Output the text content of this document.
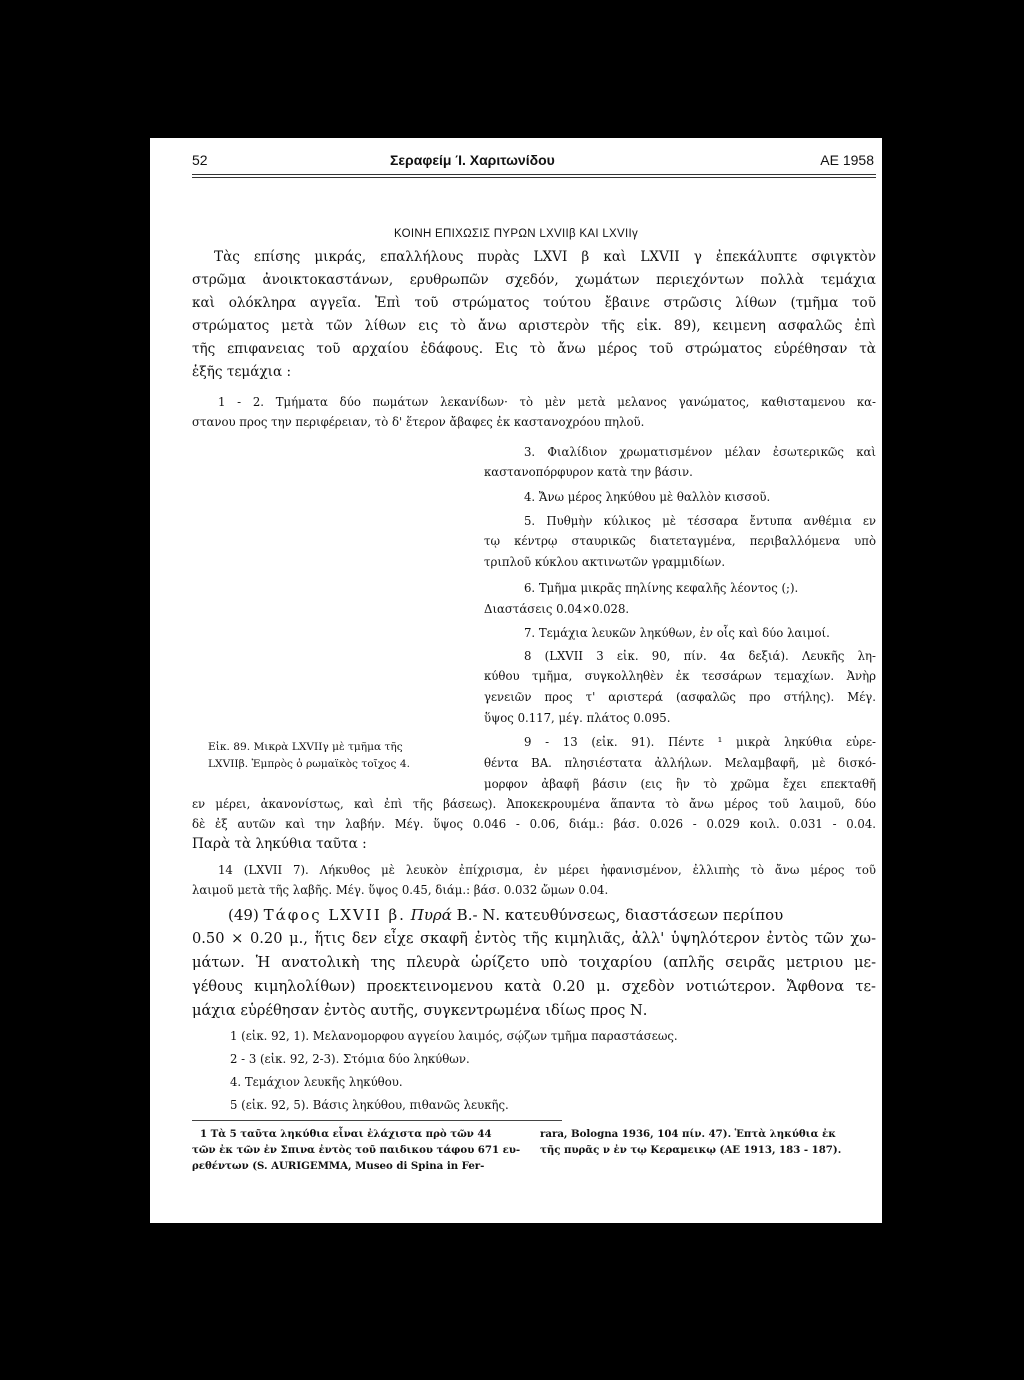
52	Σεραφείμ Ί. Χαριτωνίδου	ΑΕ 1958
ΚΟΙΝΗ ΕΠΙΧΩΣΙΣ ΠΥΡΩΝ LXVIIβ ΚΑΙ LXVIIγ
Τὰς επίσης μικράς, επαλλήλους πυρὰς LXVI β καὶ LXVII γ ἐπεκάλυπτε σφιγκτὸν
στρῶμα ἀνοικτοκαστάνων, ερυθρωπῶν σχεδόν, χωμάτων περιεχόντων πολλὰ τεμάχια
καὶ ολόκληρα αγγεῖα. Ἐπὶ τοῦ στρώματος τούτου ἔβαινε στρῶσις λίθων (τμῆμα τοῦ
στρώματος μετὰ τῶν λίθων εις τὸ ἄνω αριστερὸν τῆς εἰκ. 89), κειμενη ασφαλῶς ἐπὶ
τῆς επιφανειας τοῦ αρχαίου ἐδάφους. Εις τὸ ἄνω μέρος τοῦ στρώματος εὑρέθησαν τὰ
ἑξῆς τεμάχια :
1 - 2. Τμήματα δύο πωμάτων λεκανίδων· τὸ μὲν μετὰ μελανος γανώματος, καθισταμενου κα-
στανου προς την περιφέρειαν, τὸ δ' ἕτερον ἄβαφες ἐκ καστανοχρόου πηλοῦ.
3. Φιαλίδιον χρωματισμένον μέλαν ἐσωτερικῶς καὶ
καστανοπόρφυρον κατὰ την βάσιν.
4. Ἄνω μέρος ληκύθου μὲ θαλλὸν κισσοῦ.
5. Πυθμὴν κύλικος μὲ τέσσαρα ἔντυπα ανθέμια εν
τῳ κέντρῳ σταυρικῶς διατεταγμένα, περιβαλλόμενα υπὸ
τριπλοῦ κύκλου ακτινωτῶν γραμμιδίων.
6. Τμῆμα μικρᾶς πηλίνης κεφαλῆς λέοντος (;).
Διαστάσεις 0.04×0.028.
7. Τεμάχια λευκῶν ληκύθων, ἐν οἷς καὶ δύο λαιμοί.
8 (LXVII 3 εἰκ. 90, πίν. 4α δεξιά). Λευκῆς λη-
κύθου τμῆμα, συγκολληθὲν ἐκ τεσσάρων τεμαχίων. Ἀνὴρ
γενειῶν προς τ' αριστερά (ασφαλῶς προ στήλης). Μέγ.
ὕψος 0.117, μέγ. πλάτος 0.095.
9 - 13 (εἰκ. 91). Πέντε ¹ μικρὰ ληκύθια εὑρε-
θέντα ΒΑ. πλησιέστατα ἀλλήλων. Μελαμβαφῆ, μὲ δισκό-
μορφον ἀβαφῆ βάσιν (εις ἣν τὸ χρῶμα ἔχει επεκταθῆ
Εἰκ. 89. Μικρὰ LXVIIγ μὲ τμῆμα τῆς
LXVIIβ. Ἐμπρὸς ὁ ρωμαϊκὸς τοῖχος 4.
εν μέρει, ἀκανονίστως, καὶ ἐπὶ τῆς βάσεως). Ἀποκεκρουμένα ἅπαντα τὸ ἄνω μέρος τοῦ λαιμοῦ, δύο
δὲ ἐξ αυτῶν καὶ την λαβήν. Μέγ. ὕψος 0.046 - 0.06, διάμ.: βάσ. 0.026 - 0.029 κοιλ. 0.031 - 0.04.
Παρὰ τὰ ληκύθια ταῦτα :
14 (LXVII 7). Λήκυθος μὲ λευκὸν ἐπίχρισμα, ἐν μέρει ἠφανισμένον, ἐλλιπὴς τὸ ἄνω μέρος τοῦ
λαιμοῦ μετὰ τῆς λαβῆς. Μέγ. ὕψος 0.45, διάμ.: βάσ. 0.032 ὤμων 0.04.
(49) Τάφος LXVII β. Πυρά Β.- Ν. κατευθύνσεως, διαστάσεων περίπου
0.50 × 0.20 μ., ἥτις δεν εἶχε σκαφῆ ἐντὸς τῆς κιμηλιᾶς, ἀλλ' ὑψηλότερον ἐντὸς τῶν χω-
μάτων. Ἡ ανατολικὴ της πλευρὰ ὡρίζετο υπὸ τοιχαρίου (απλῆς σειρᾶς μετριου με-
γέθους κιμηλολίθων) προεκτεινομενου κατὰ 0.20 μ. σχεδὸν νοτιώτερον. Ἄφθονα τε-
μάχια εὑρέθησαν ἐντὸς αυτῆς, συγκεντρωμένα ιδίως προς Ν.
1 (εἰκ. 92, 1). Μελανομορφου αγγείου λαιμός, σῴζων τμῆμα παραστάσεως.
2 - 3 (εἰκ. 92, 2-3). Στόμια δύο ληκύθων.
4. Τεμάχιον λευκῆς ληκύθου.
5 (εἰκ. 92, 5). Βάσις ληκύθου, πιθανῶς λευκῆς.
1 Τὰ 5 ταῦτα ληκύθια εἶναι ἐλάχιστα πρὸ τῶν 44
τῶν ἐκ τῶν ἐν Σπινα ἐντὸς τοῦ παιδικου τάφου 671 ευ-
ρεθέντων (S. AURIGEMMA, Museo di Spina in Fer-
rara, Bologna 1936, 104 πίν. 47). Ἑπτὰ ληκύθια ἐκ
τῆς πυρᾶς ν ἐν τῳ Κεραμεικῳ (ΑΕ 1913, 183 - 187).
